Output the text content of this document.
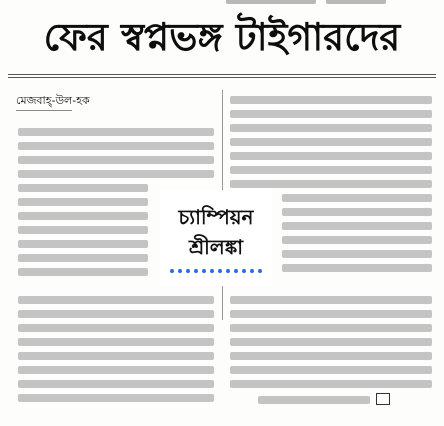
ফের স্বপ্নভঙ্গ টাইগারদের
মেজবাহ্-উল-হক
চ্যাম্পিয়ন
শ্রীলঙ্কা
